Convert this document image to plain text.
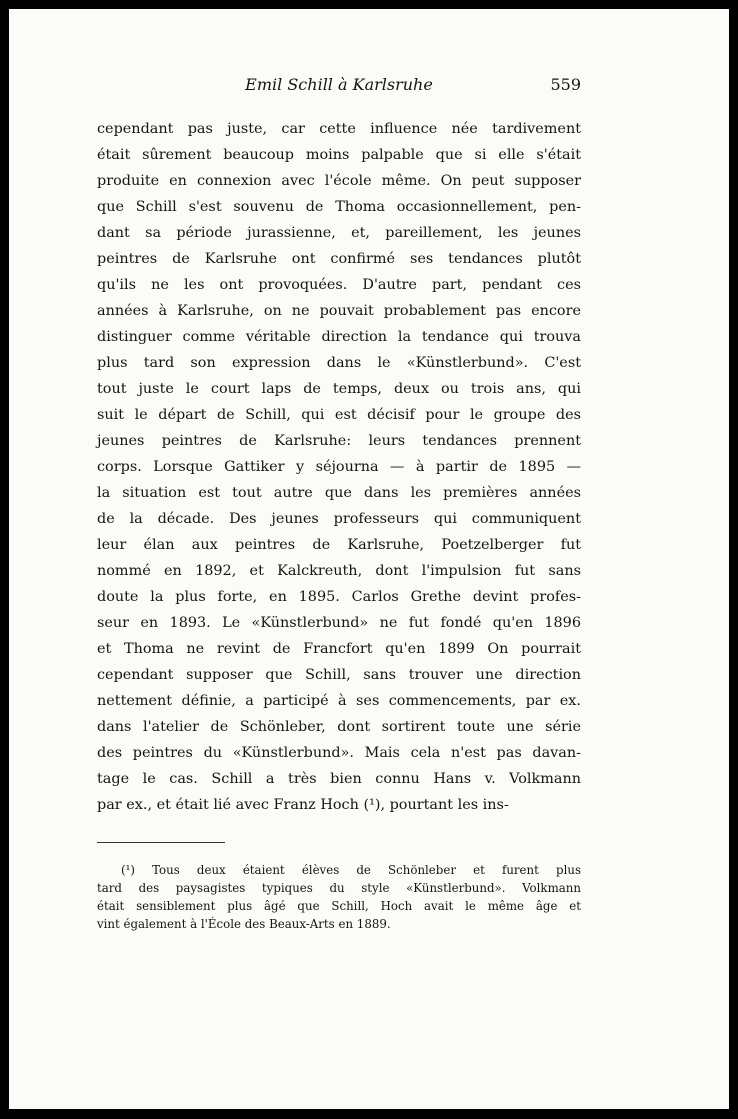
Emil Schill à Karlsruhe	559
cependant pas juste, car cette influence née tardivement
était sûrement beaucoup moins palpable que si elle s'était
produite en connexion avec l'école même. On peut supposer
que Schill s'est souvenu de Thoma occasionnellement, pen-
dant sa période jurassienne, et, pareillement, les jeunes
peintres de Karlsruhe ont confirmé ses tendances plutôt
qu'ils ne les ont provoquées. D'autre part, pendant ces
années à Karlsruhe, on ne pouvait probablement pas encore
distinguer comme véritable direction la tendance qui trouva
plus tard son expression dans le «Künstlerbund». C'est
tout juste le court laps de temps, deux ou trois ans, qui
suit le départ de Schill, qui est décisif pour le groupe des
jeunes peintres de Karlsruhe: leurs tendances prennent
corps. Lorsque Gattiker y séjourna — à partir de 1895 —
la situation est tout autre que dans les premières années
de la décade. Des jeunes professeurs qui communiquent
leur élan aux peintres de Karlsruhe, Poetzelberger fut
nommé en 1892, et Kalckreuth, dont l'impulsion fut sans
doute la plus forte, en 1895. Carlos Grethe devint profes-
seur en 1893. Le «Künstlerbund» ne fut fondé qu'en 1896
et Thoma ne revint de Francfort qu'en 1899 On pourrait
cependant supposer que Schill, sans trouver une direction
nettement définie, a participé à ses commencements, par ex.
dans l'atelier de Schönleber, dont sortirent toute une série
des peintres du «Künstlerbund». Mais cela n'est pas davan-
tage le cas. Schill a très bien connu Hans v. Volkmann
par ex., et était lié avec Franz Hoch (¹), pourtant les ins-
(¹) Tous deux étaient élèves de Schönleber et furent plus
tard des paysagistes typiques du style «Künstlerbund». Volkmann
était sensiblement plus âgé que Schill, Hoch avait le même âge et
vint également à l'École des Beaux-Arts en 1889.
